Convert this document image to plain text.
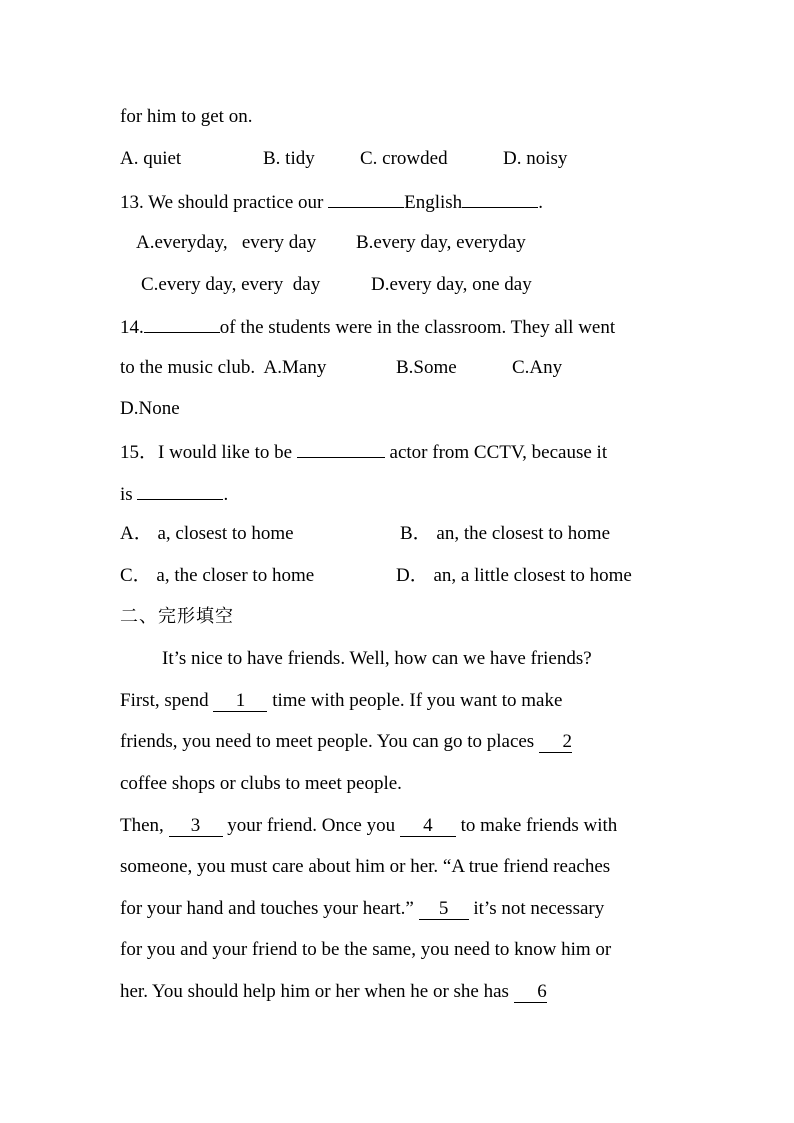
for him to get on.
A. quiet	B. tidy C. crowded	D. noisy
13. We should practice our	English	.
A.everyday,   every day B.every day, everyday
C.every day, every  day	D.every day, one day
14.	of the students were in the classroom. They all went
to the music club.  A.Many	B.Some	C.Any
D.None
15．I would like to be	actor from CCTV, because it
is	.
A． a, closest to home	B． an, the closest to home
C． a, the closer to home	D． an, a little closest to home
二、完形填空
It’s nice to have friends. Well, how can we have friends?
First, spend 1 time with people. If you want to make
friends, you need to meet people. You can go to places 2
coffee shops or clubs to meet people.
Then, 3 your friend. Once you 4 to make friends with
someone, you must care about him or her. “A true friend reaches
for your hand and touches your heart.” 5 it’s not necessary
for you and your friend to be the same, you need to know him or
her. You should help him or her when he or she has 6
